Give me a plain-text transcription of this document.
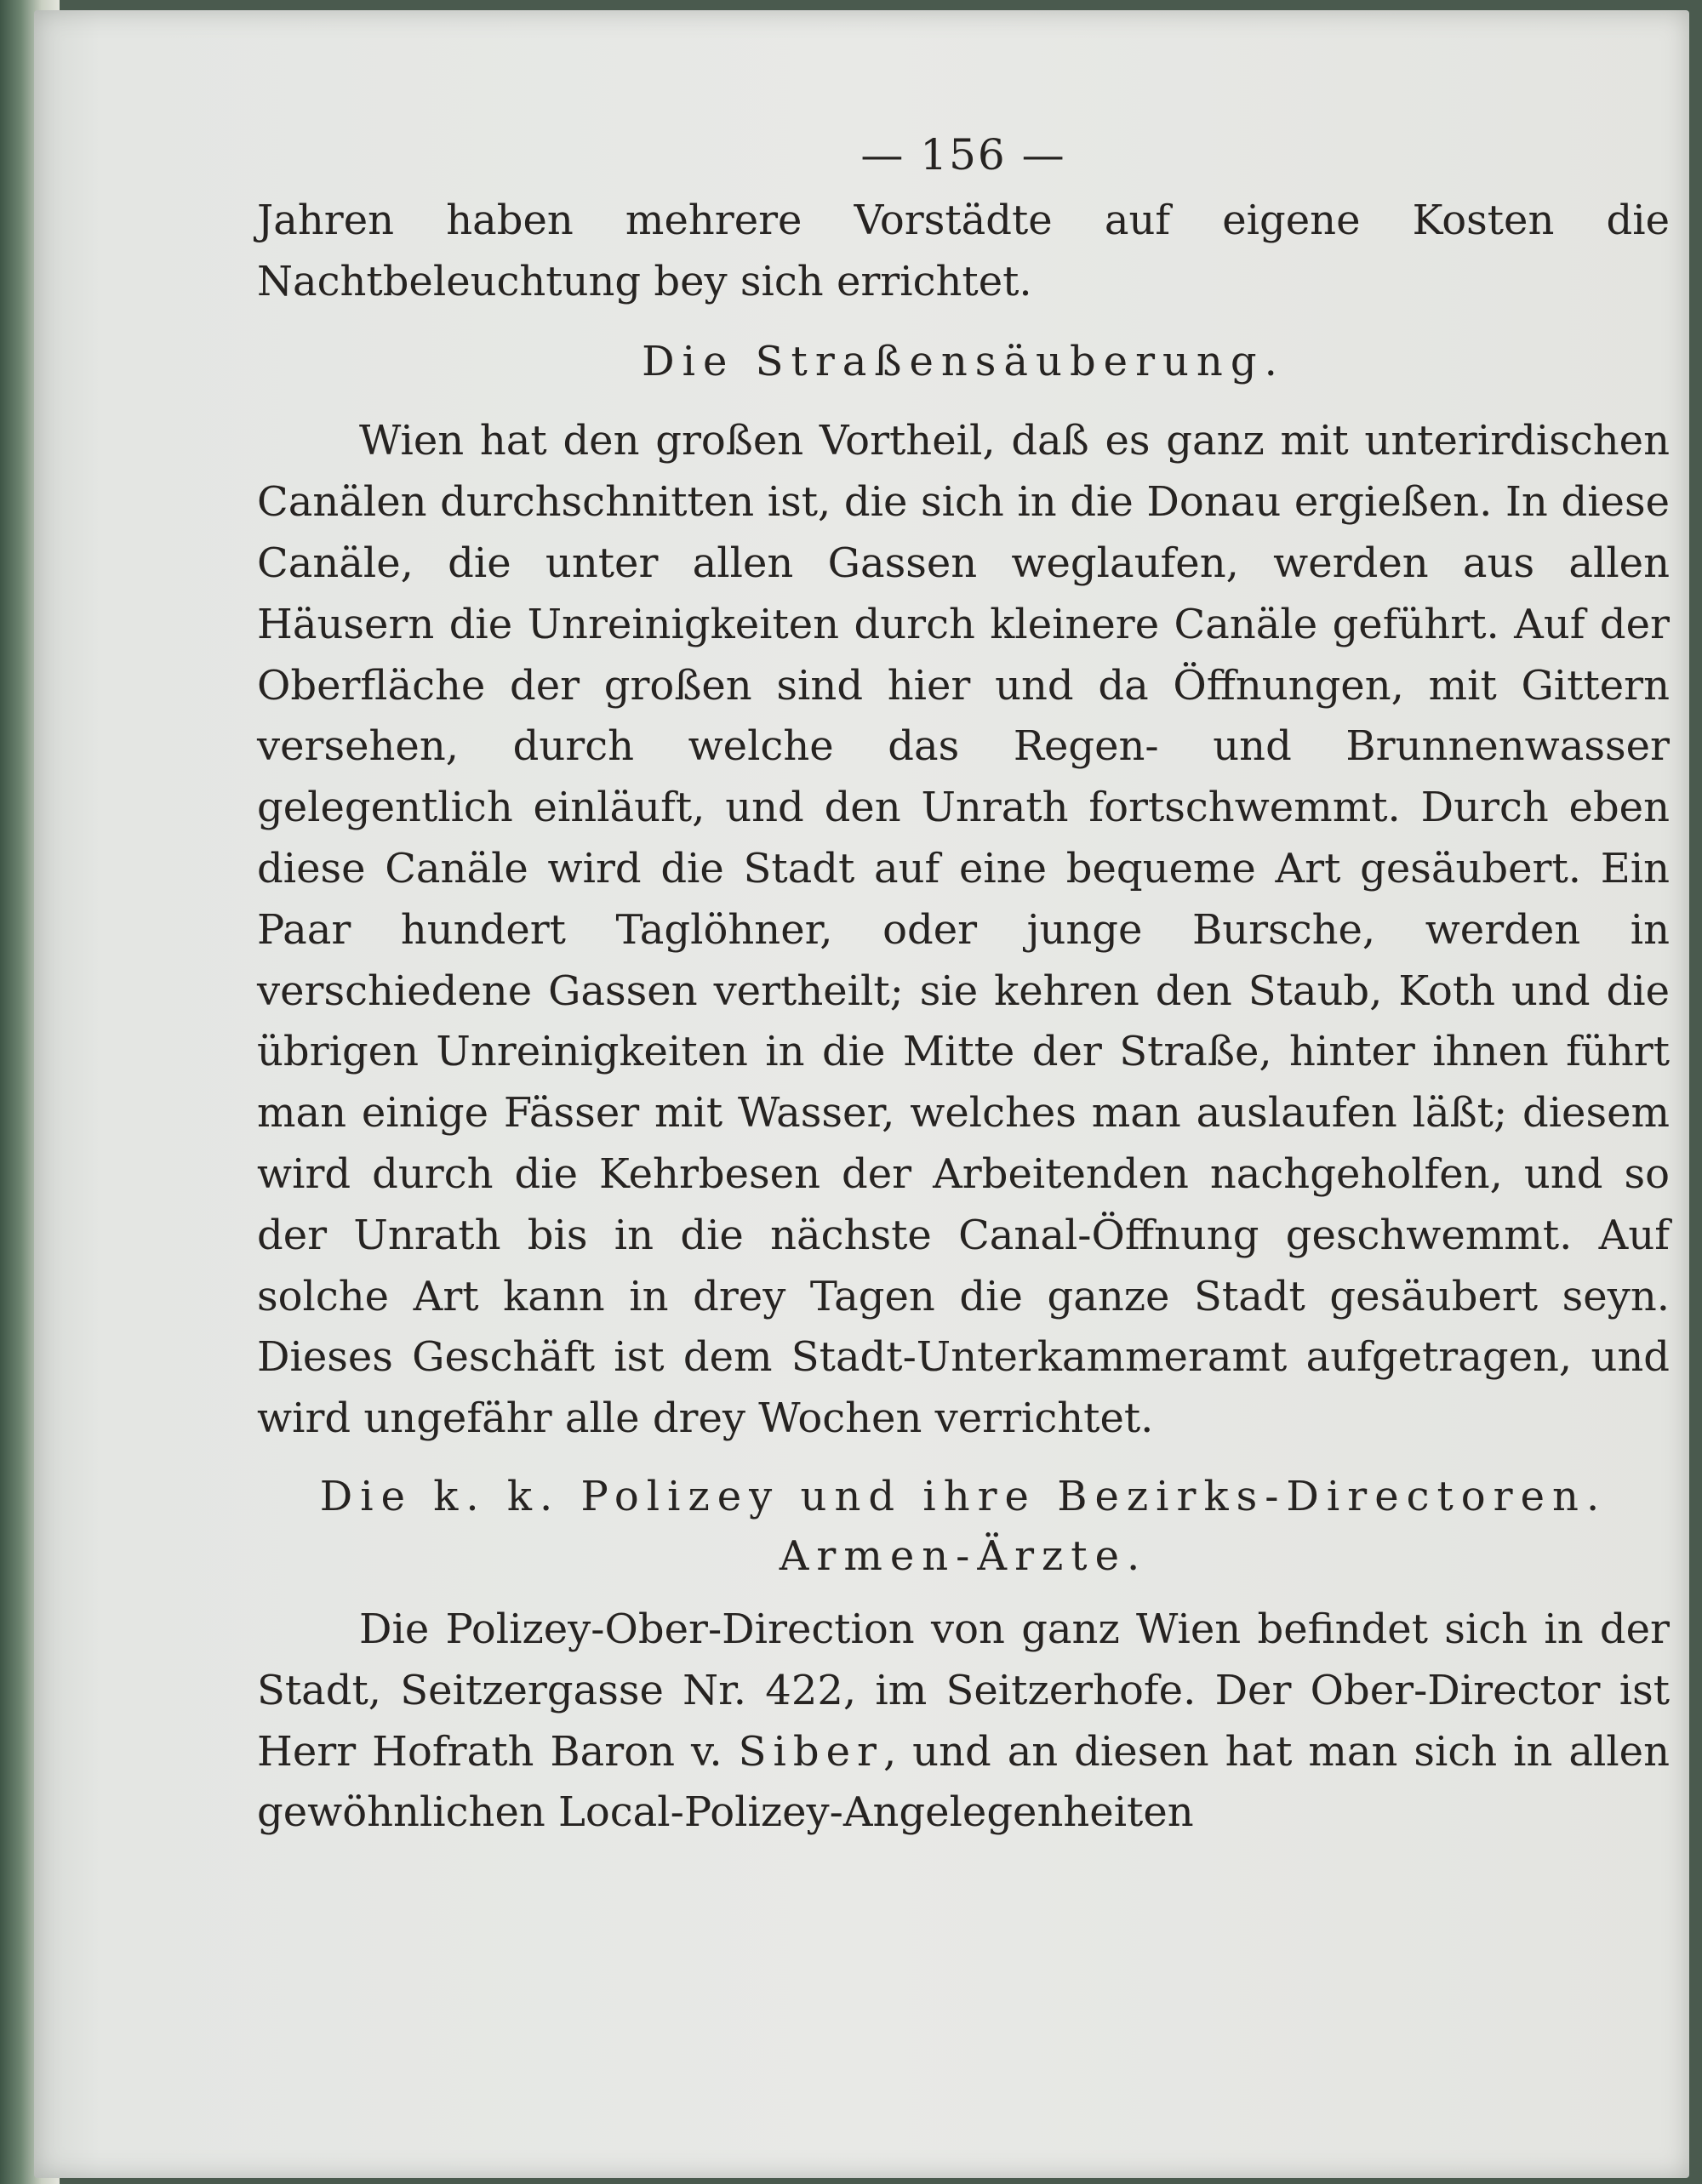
— 156 —

Jahren haben mehrere Vorstädte auf eigene Kosten die Nachtbeleuchtung bey sich errichtet.

Die Straßensäuberung.

Wien hat den großen Vortheil, daß es ganz mit unterirdischen Canälen durchschnitten ist, die sich in die Donau ergießen. In diese Canäle, die unter allen Gassen weglaufen, werden aus allen Häusern die Unreinigkeiten durch kleinere Canäle geführt. Auf der Oberfläche der großen sind hier und da Öffnungen, mit Gittern versehen, durch welche das Regen- und Brunnenwasser gelegentlich einläuft, und den Unrath fortschwemmt. Durch eben diese Canäle wird die Stadt auf eine bequeme Art gesäubert. Ein Paar hundert Taglöhner, oder junge Bursche, werden in verschiedene Gassen vertheilt; sie kehren den Staub, Koth und die übrigen Unreinigkeiten in die Mitte der Straße, hinter ihnen führt man einige Fässer mit Wasser, welches man auslaufen läßt; diesem wird durch die Kehrbesen der Arbeitenden nachgeholfen, und so der Unrath bis in die nächste Canal-Öffnung geschwemmt. Auf solche Art kann in drey Tagen die ganze Stadt gesäubert seyn. Dieses Geschäft ist dem Stadt-Unterkammeramt aufgetragen, und wird ungefähr alle drey Wochen verrichtet.

Die k. k. Polizey und ihre Bezirks-Directoren.
Armen-Ärzte.

Die Polizey-Ober-Direction von ganz Wien befindet sich in der Stadt, Seitzergasse Nr. 422, im Seitzerhofe. Der Ober-Director ist Herr Hofrath Baron v. Siber, und an diesen hat man sich in allen gewöhnlichen Local-Polizey-Angelegenheiten
